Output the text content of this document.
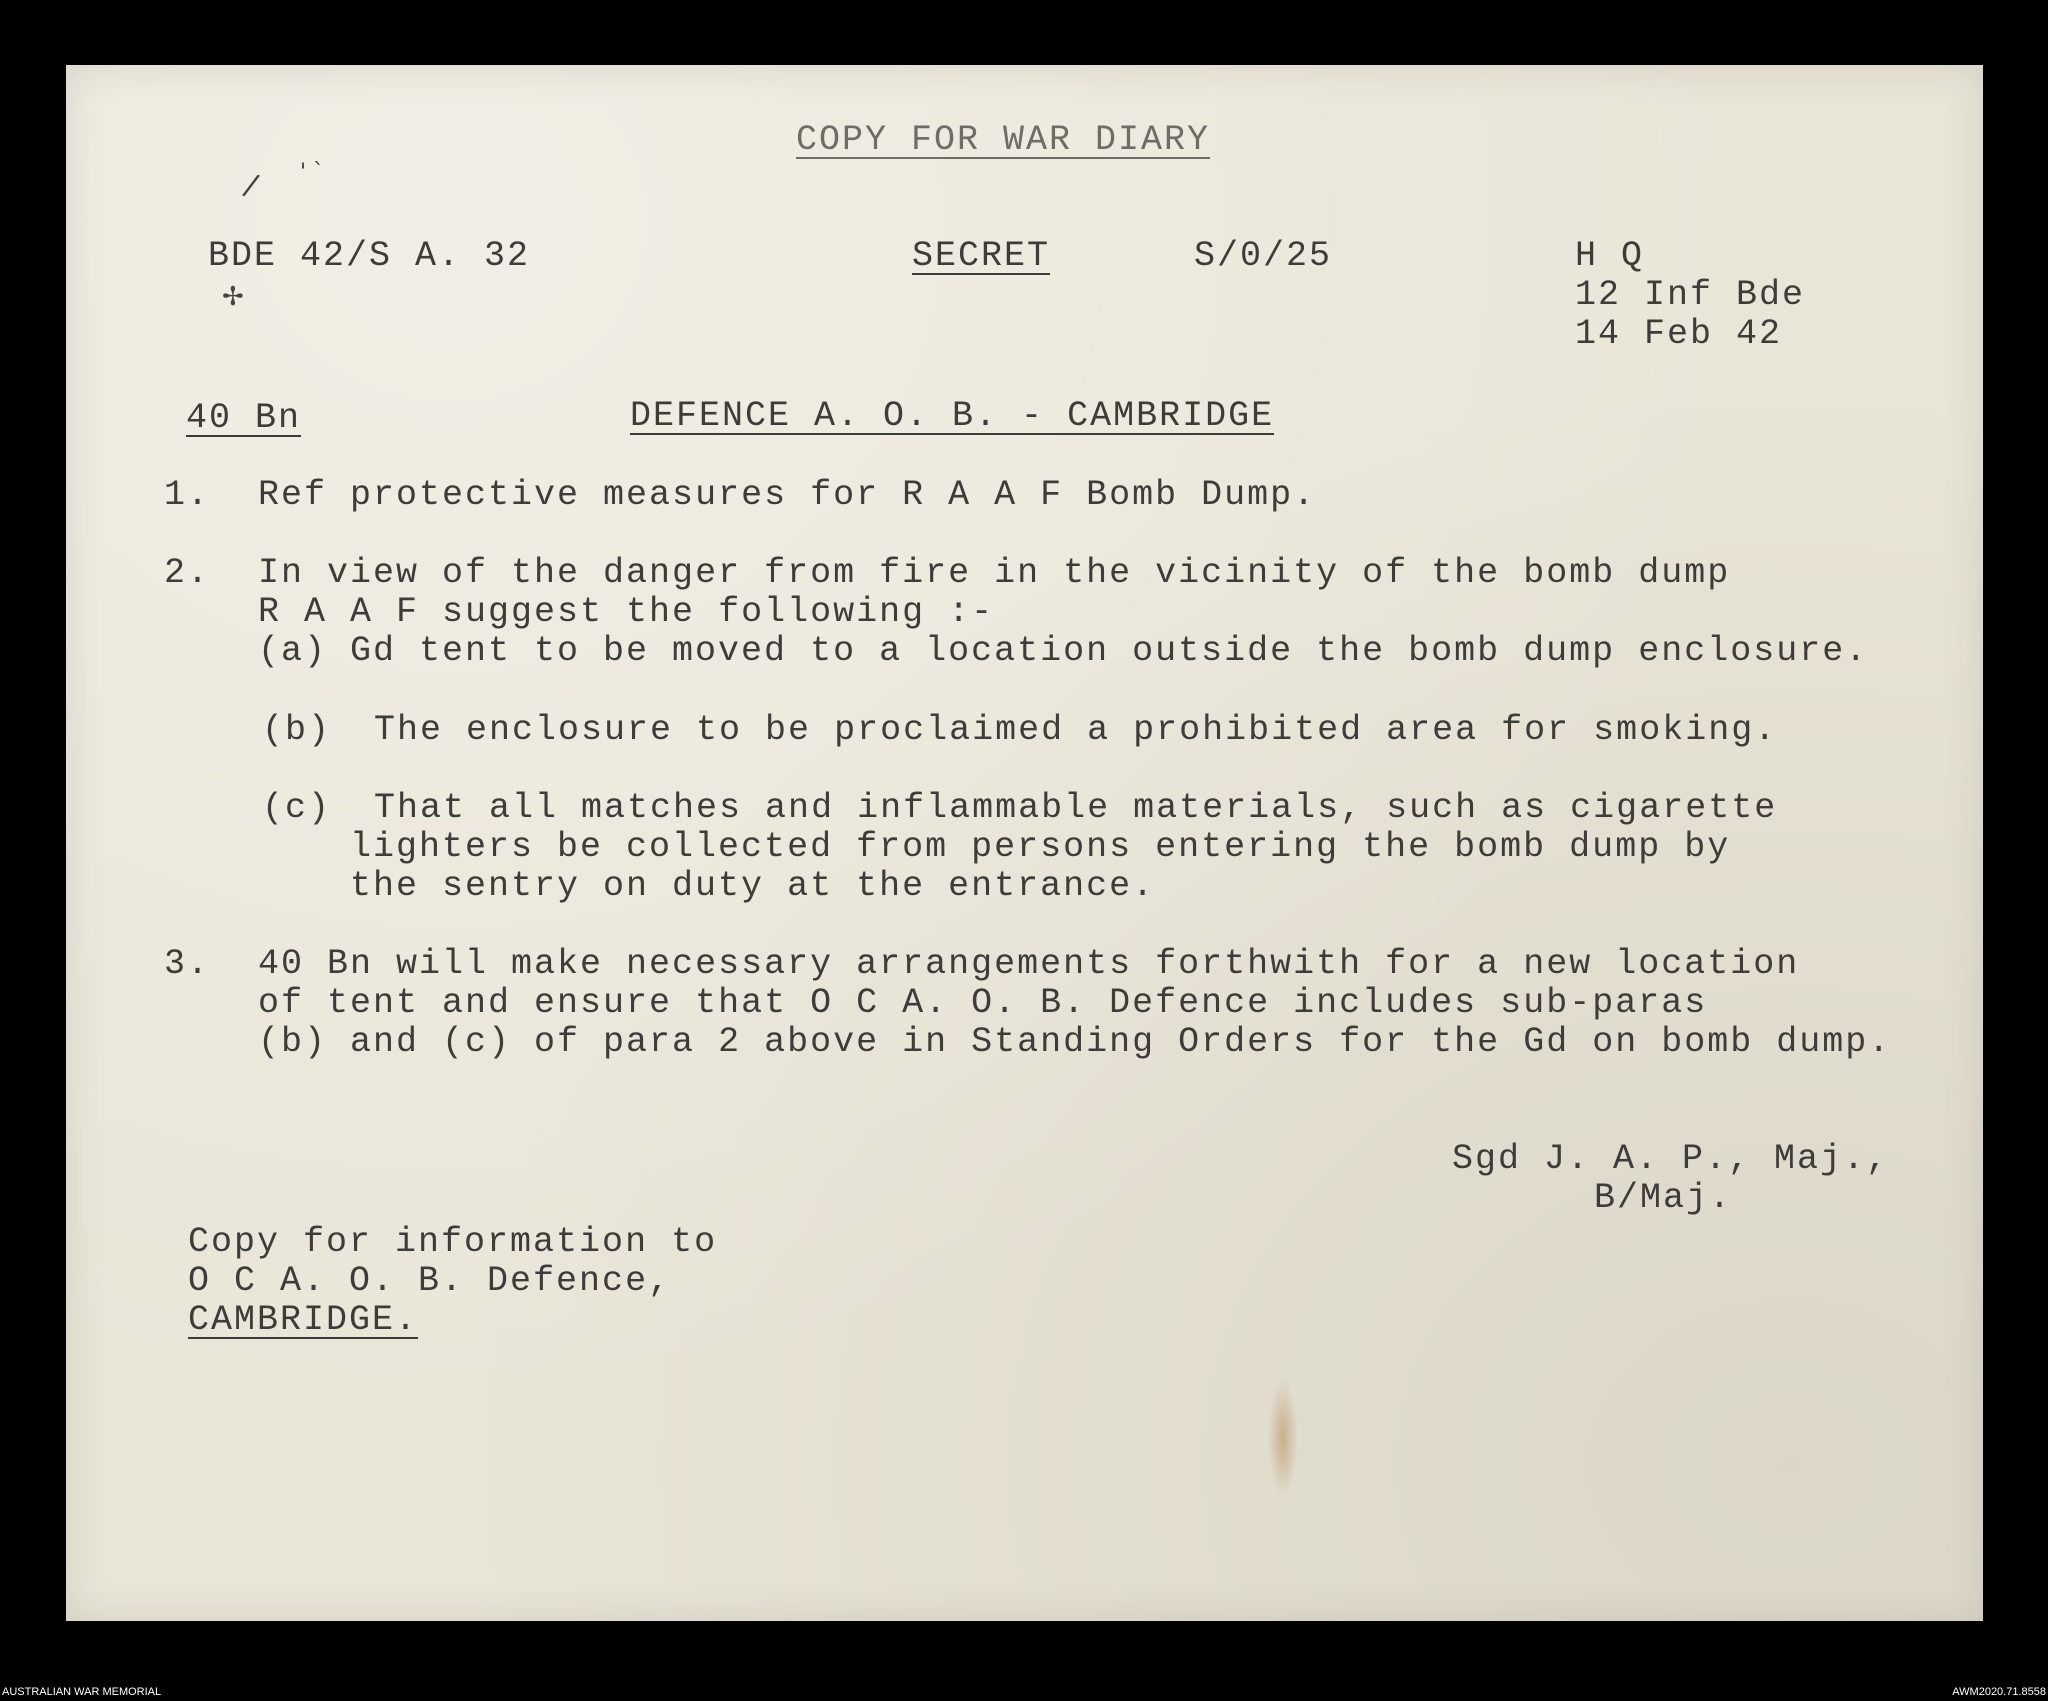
/ ' ˋ
✢

COPY FOR WAR DIARY

BDE 42/S A. 32	SECRET	S/0/25	H Q

12 Inf Bde

14 Feb 42

40 Bn	DEFENCE A. O. B. - CAMBRIDGE

1. Ref protective measures for R A A F Bomb Dump.

2. In view of the danger from fire in the vicinity of the bomb dump

R A A F suggest the following :-

(a) Gd tent to be moved to a location outside the bomb dump enclosure.

(b) The enclosure to be proclaimed a prohibited area for smoking.

(c) That all matches and inflammable materials, such as cigarette

lighters be collected from persons entering the bomb dump by

the sentry on duty at the entrance.

3. 40 Bn will make necessary arrangements forthwith for a new location

of tent and ensure that O C A. O. B. Defence includes sub-paras

(b) and (c) of para 2 above in Standing Orders for the Gd on bomb dump.

Sgd J. A. P., Maj.,

B/Maj.

Copy for information to

O C A. O. B. Defence,

CAMBRIDGE.

AUSTRALIAN WAR MEMORIAL	AWM2020.71.8558
